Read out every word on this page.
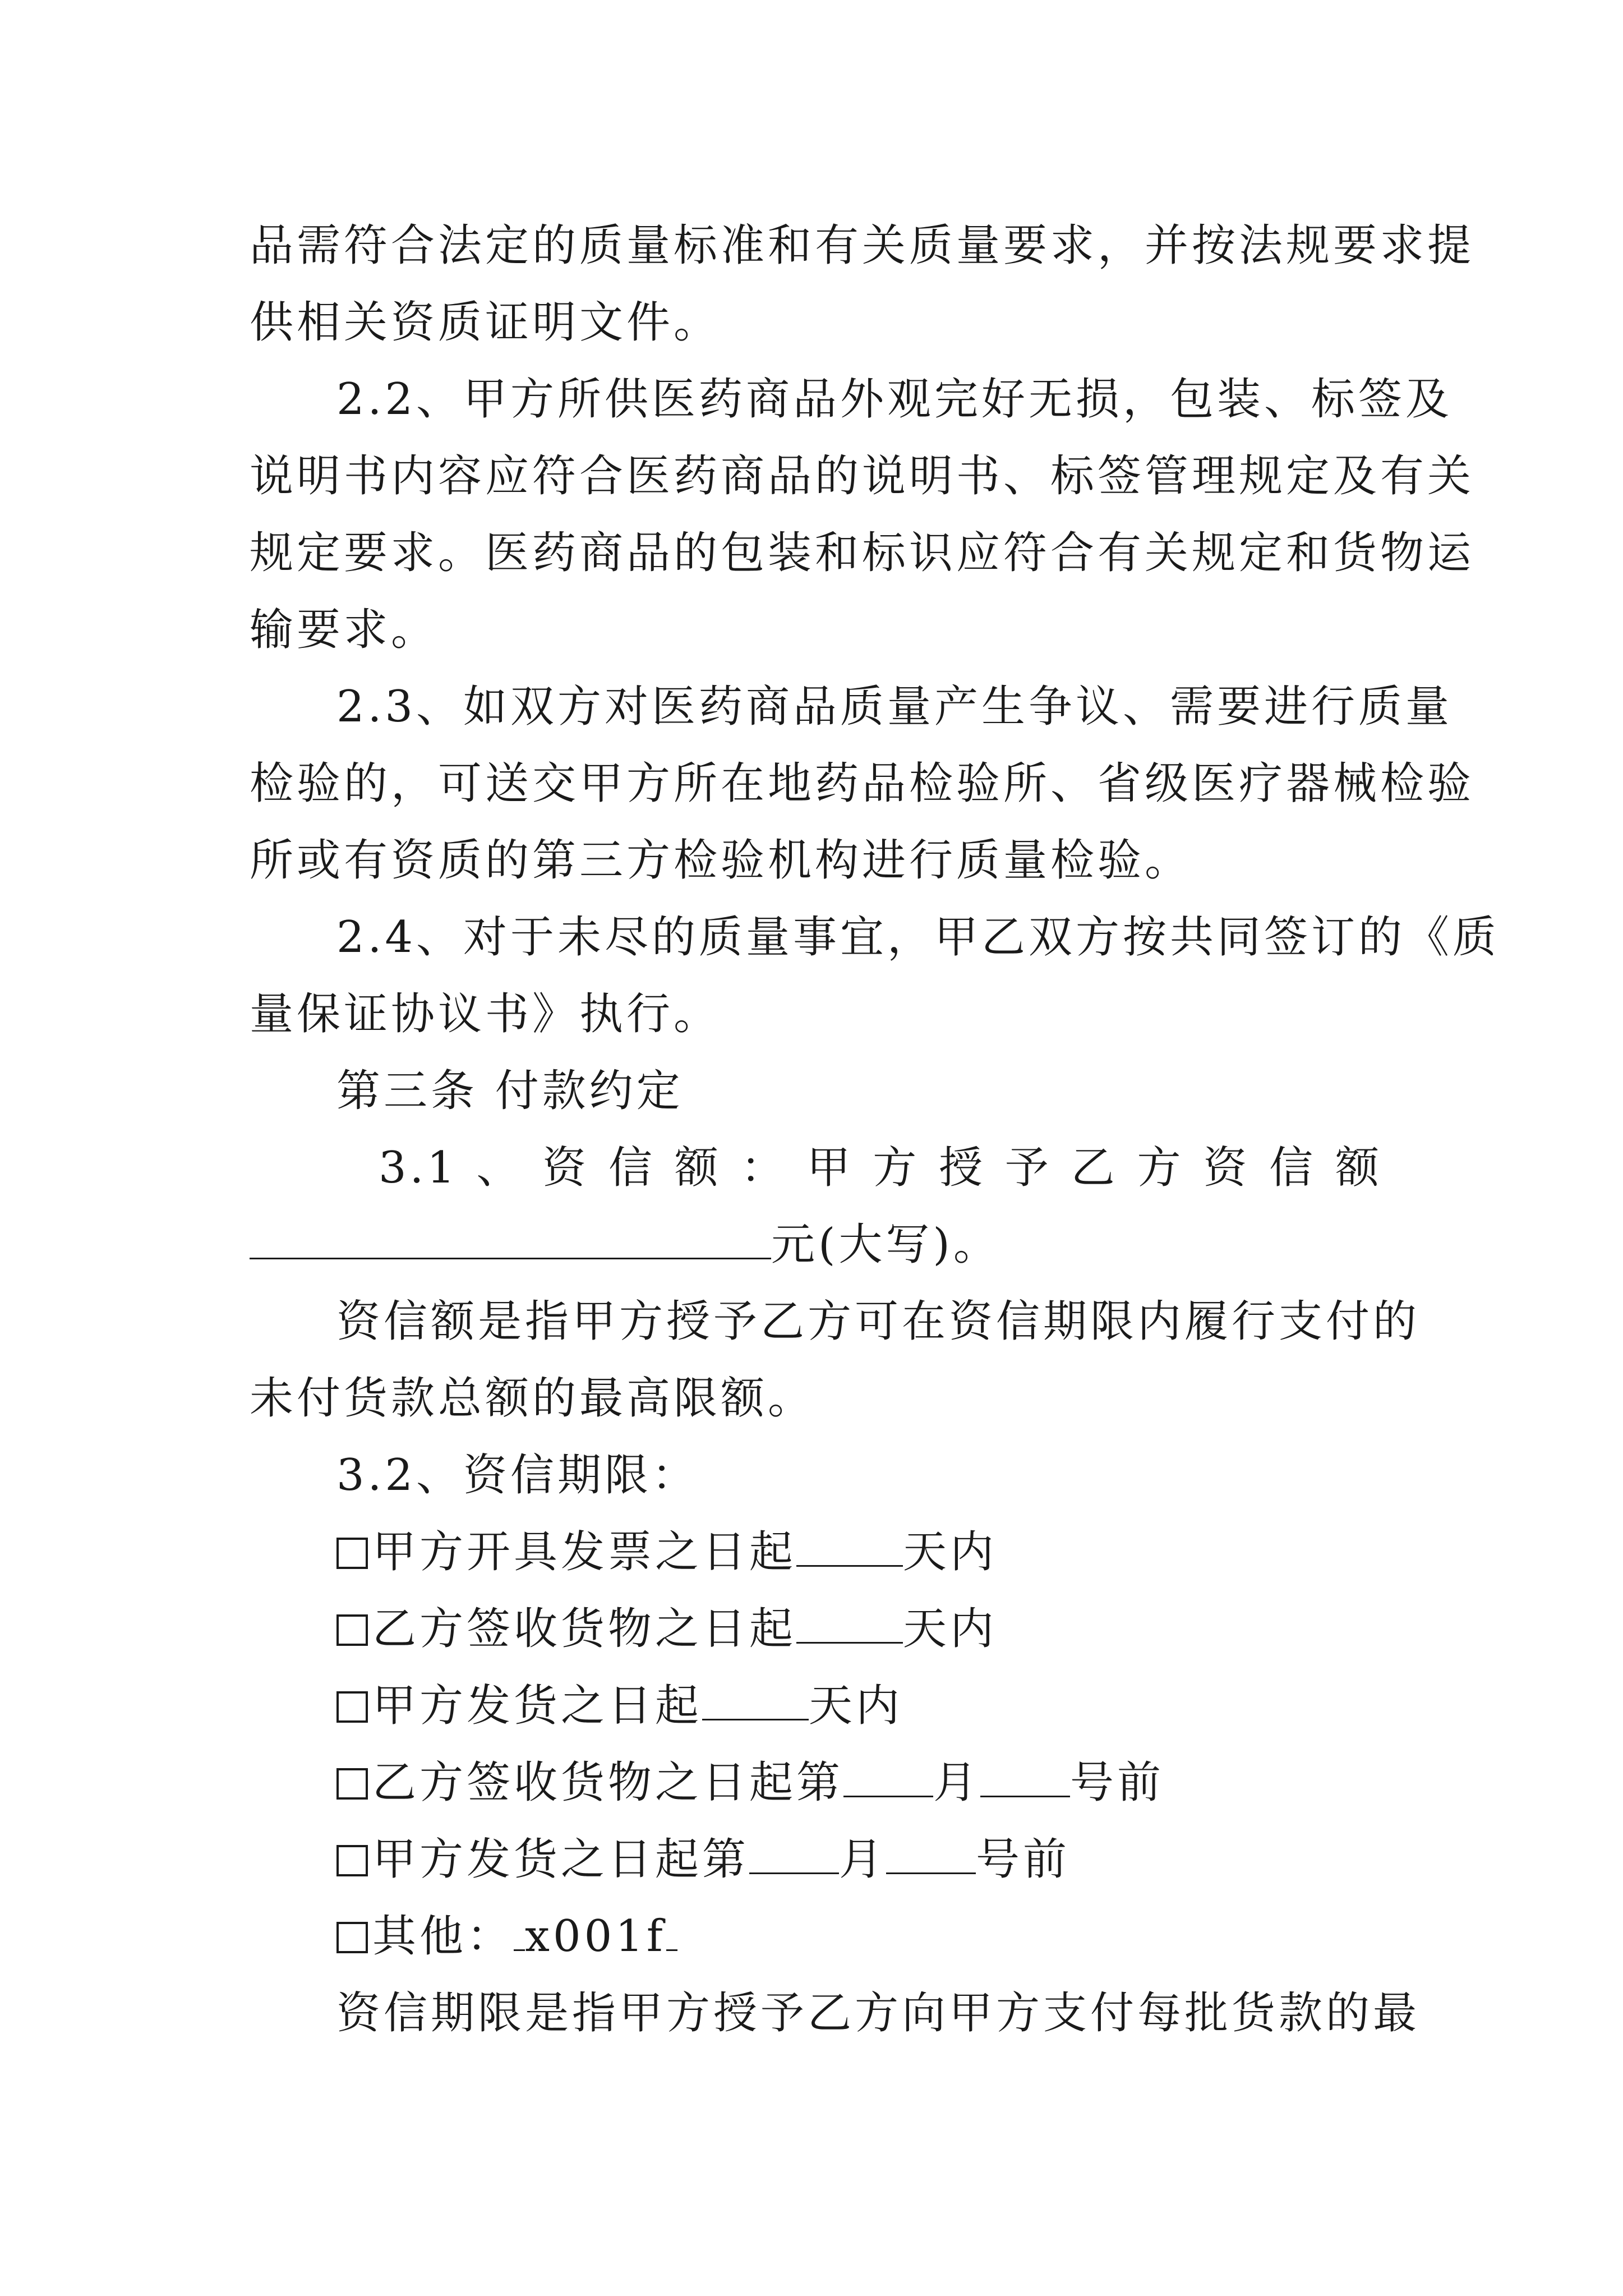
品需符合法定的质量标准和有关质量要求，并按法规要求提
供相关资质证明文件。
2.2、甲方所供医药商品外观完好无损，包装、标签及
说明书内容应符合医药商品的说明书、标签管理规定及有关
规定要求。医药商品的包装和标识应符合有关规定和货物运
输要求。
2.3、如双方对医药商品质量产生争议、需要进行质量
检验的，可送交甲方所在地药品检验所、省级医疗器械检验
所或有资质的第三方检验机构进行质量检验。
2.4、对于未尽的质量事宜，甲乙双方按共同签订的《质
量保证协议书》执行。
第三条 付款约定
3.1 、 资 信 额 ： 甲 方 授 予 乙 方 资 信 额
元(大写)。
资信额是指甲方授予乙方可在资信期限内履行支付的
未付货款总额的最高限额。
3.2、资信期限：
甲方开具发票之日起 天内
乙方签收货物之日起 天内
甲方发货之日起 天内
乙方签收货物之日起第 月 号前
甲方发货之日起第 月 号前
其他： x001f
资信期限是指甲方授予乙方向甲方支付每批货款的最
